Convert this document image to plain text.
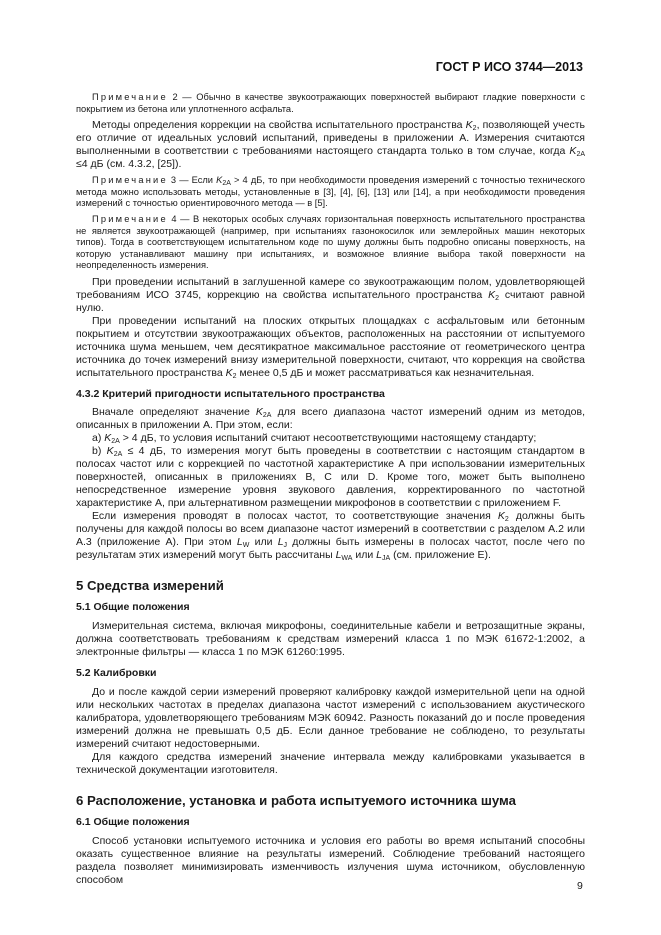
ГОСТ Р ИСО 3744—2013

Примечание 2 — Обычно в качестве звукоотражающих поверхностей выбирают гладкие поверхности с покрытием из бетона или уплотненного асфальта.

Методы определения коррекции на свойства испытательного пространства $K_2$, позволяющей учесть его отличие от идеальных условий испытаний, приведены в приложении А. Измерения считаются выполненными в соответствии с требованиями настоящего стандарта только в том случае, когда $K_{2A} \le 4$ дБ (см. 4.3.2, [25]).

Примечание 3 — Если $K_{2A} > 4$ дБ, то при необходимости проведения измерений с точностью технического метода можно использовать методы, установленные в [3], [4], [6], [13] или [14], а при необходимости проведения измерений с точностью ориентировочного метода — в [5].

Примечание 4 — В некоторых особых случаях горизонтальная поверхность испытательного пространства не является звукоотражающей (например, при испытаниях газонокосилок или землеройных машин некоторых типов). Тогда в соответствующем испытательном коде по шуму должны быть подробно описаны поверхность, на которую устанавливают машину при испытаниях, и возможное влияние выбора такой поверхности на неопределенность измерения.

При проведении испытаний в заглушенной камере со звукоотражающим полом, удовлетворяющей требованиям ИСО 3745, коррекцию на свойства испытательного пространства $K_2$ считают равной нулю.

При проведении испытаний на плоских открытых площадках с асфальтовым или бетонным покрытием и отсутствии звукоотражающих объектов, расположенных на расстоянии от испытуемого источника шума меньшем, чем десятикратное максимальное расстояние от геометрического центра источника до точек измерений внизу измерительной поверхности, считают, что коррекция на свойства испытательного пространства $K_2$ менее 0,5 дБ и может рассматриваться как незначительная.

4.3.2 Критерий пригодности испытательного пространства

Вначале определяют значение $K_{2A}$ для всего диапазона частот измерений одним из методов, описанных в приложении А. При этом, если:

а) $K_{2A} > 4$ дБ, то условия испытаний считают несоответствующими настоящему стандарту;

b) $K_{2A} \le 4$ дБ, то измерения могут быть проведены в соответствии с настоящим стандартом в полосах частот или с коррекцией по частотной характеристике А при использовании измерительных поверхностей, описанных в приложениях В, С или D. Кроме того, может быть выполнено непосредственное измерение уровня звукового давления, корректированного по частотной характеристике А, при альтернативном размещении микрофонов в соответствии с приложением F.

Если измерения проводят в полосах частот, то соответствующие значения $K_2$ должны быть получены для каждой полосы во всем диапазоне частот измерений в соответствии с разделом А.2 или А.3 (приложение А). При этом $L_W$ или $L_J$ должны быть измерены в полосах частот, после чего по результатам этих измерений могут быть рассчитаны $L_{WA}$ или $L_{JA}$ (см. приложение Е).

5 Средства измерений
5.1 Общие положения

Измерительная система, включая микрофоны, соединительные кабели и ветрозащитные экраны, должна соответствовать требованиям к средствам измерений класса 1 по МЭК 61672-1:2002, а электронные фильтры — класса 1 по МЭК 61260:1995.

5.2 Калибровки

До и после каждой серии измерений проверяют калибровку каждой измерительной цепи на одной или нескольких частотах в пределах диапазона частот измерений с использованием акустического калибратора, удовлетворяющего требованиям МЭК 60942. Разность показаний до и после проведения измерений должна не превышать 0,5 дБ. Если данное требование не соблюдено, то результаты измерений считают недостоверными.

Для каждого средства измерений значение интервала между калибровками указывается в технической документации изготовителя.

6 Расположение, установка и работа испытуемого источника шума
6.1 Общие положения

Способ установки испытуемого источника и условия его работы во время испытаний способны оказать существенное влияние на результаты измерений. Соблюдение требований настоящего раздела позволяет минимизировать изменчивость излучения шума источником, обусловленную способом

9
